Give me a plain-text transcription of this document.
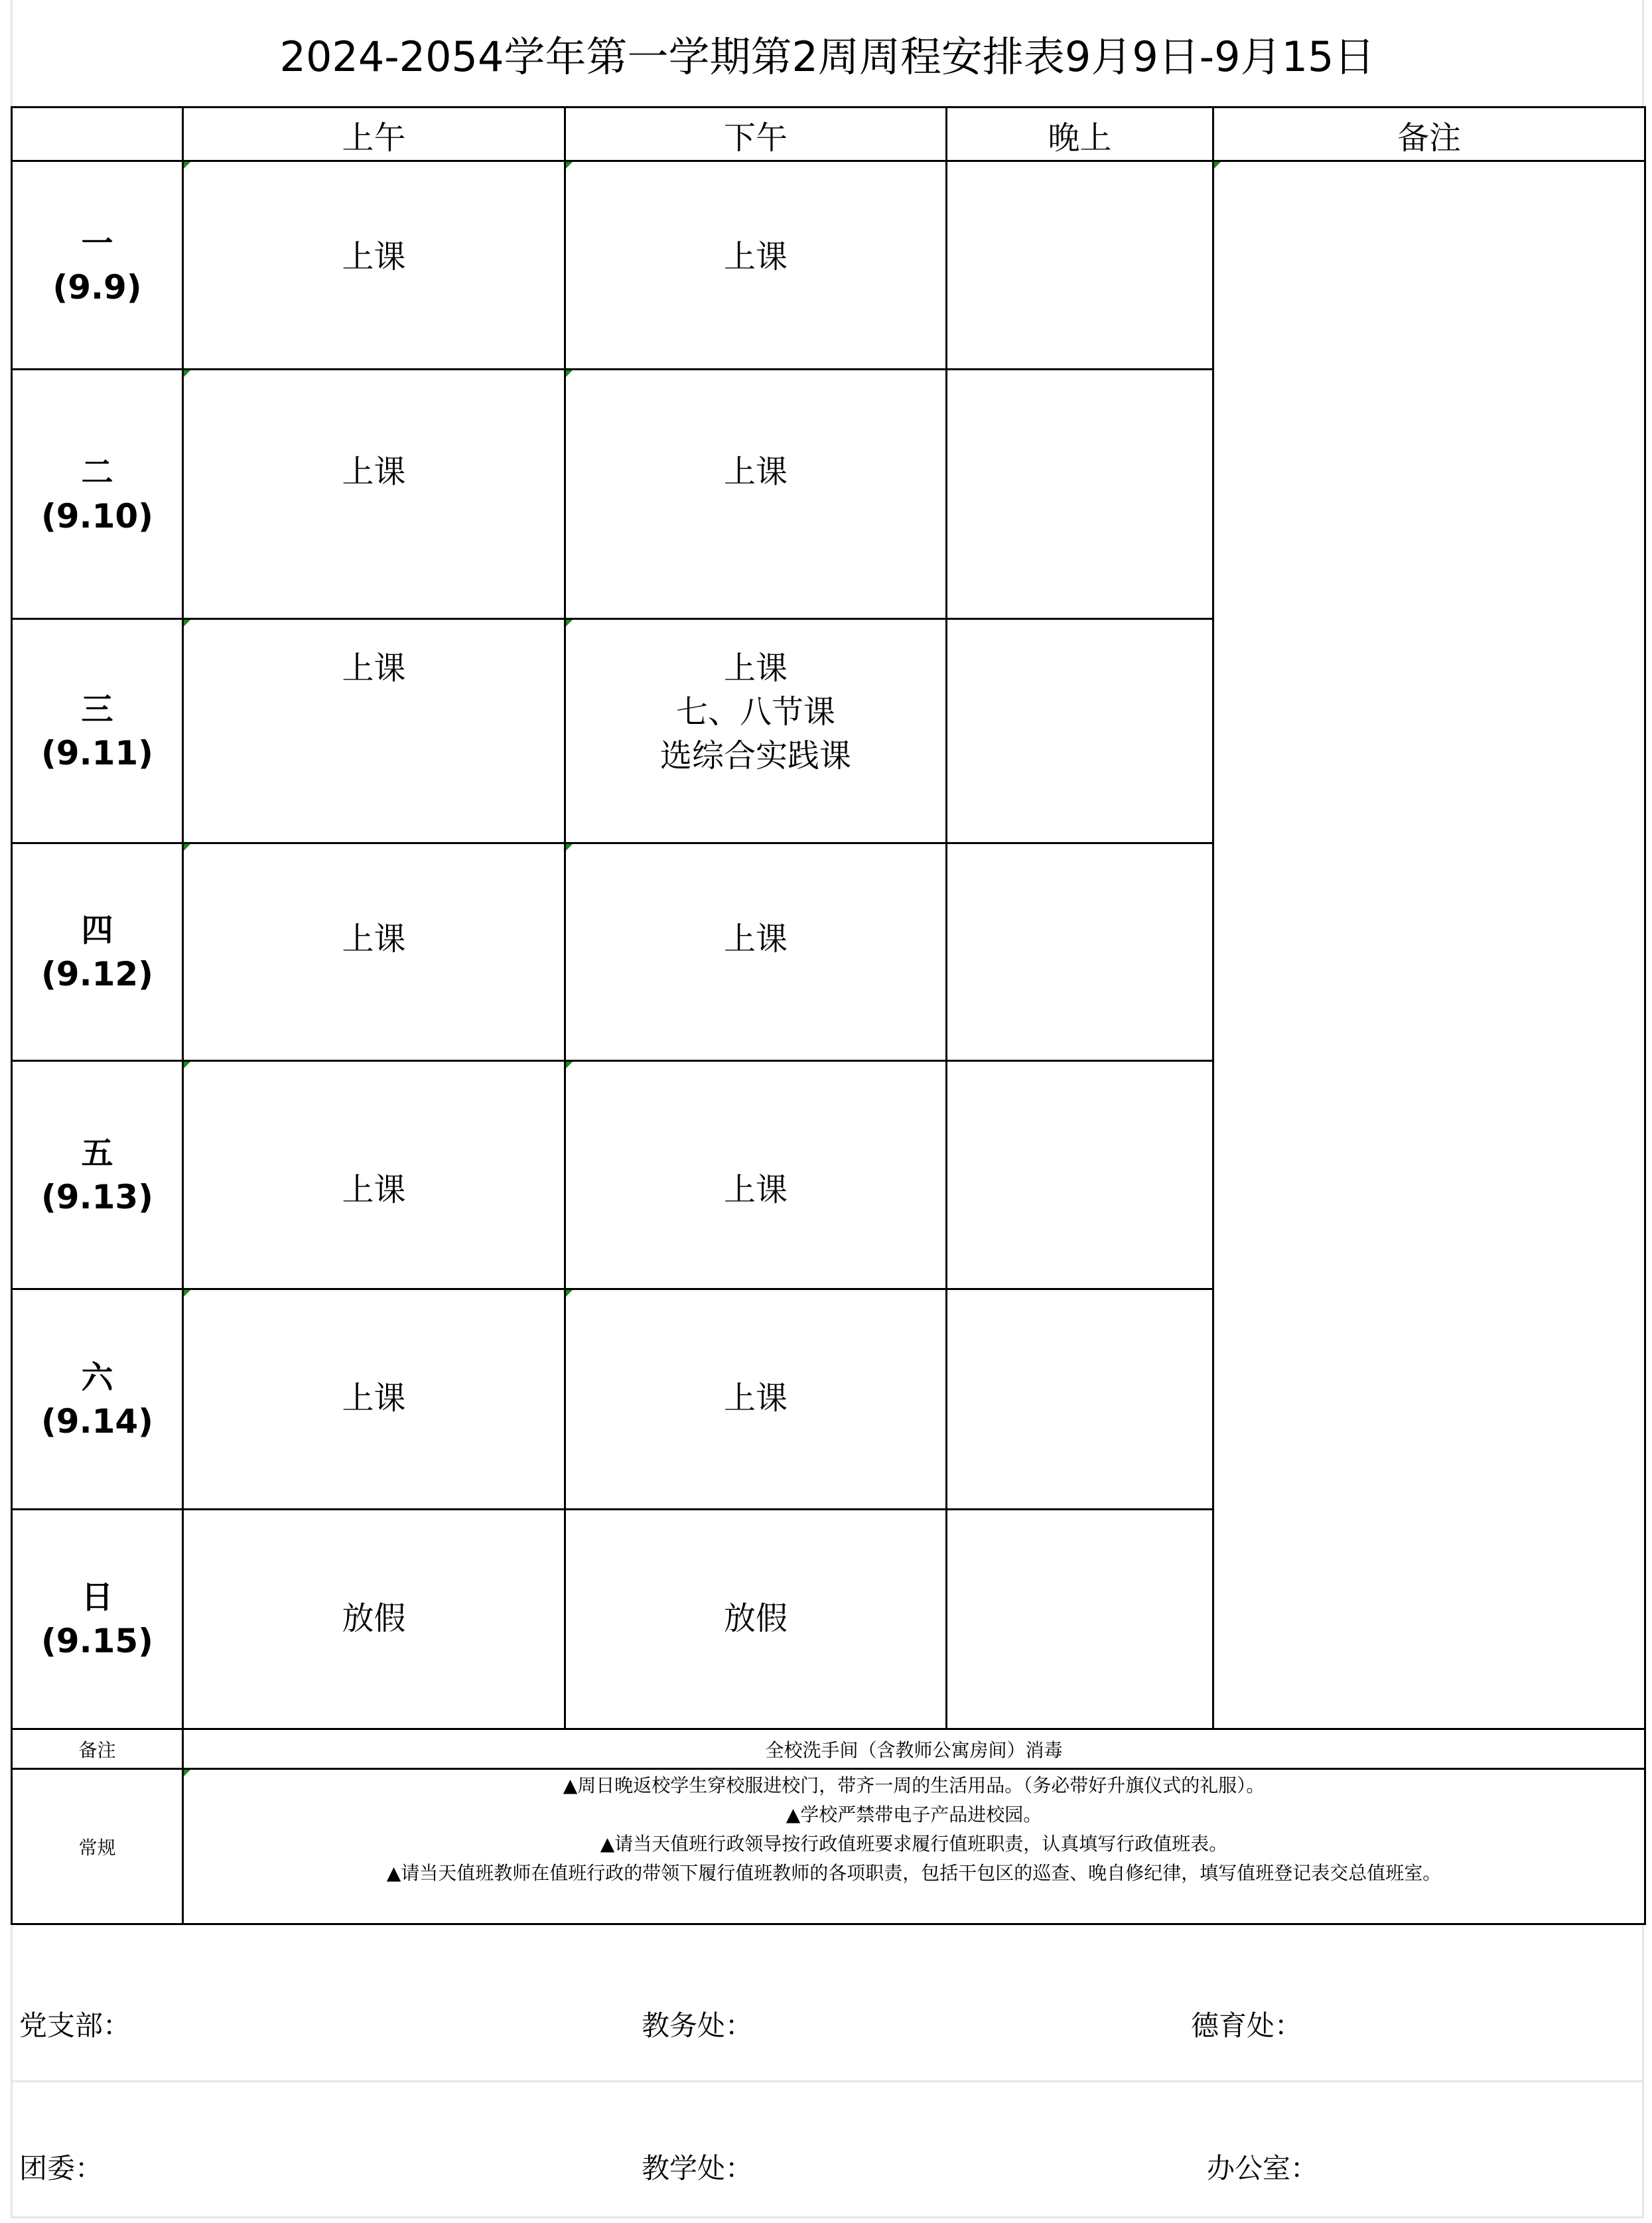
2024-2054学年第一学期第2周周程安排表9月9日-9月15日
	上午	下午	晚上	备注

一
(9.9)	上课	上课		

二
(9.10)	上课	上课		

三
(9.11)	上课	上课
七、八节课
选综合实践课		

四
(9.12)	上课	上课		

五
(9.13)	上课	上课		

六
(9.14)	上课	上课		

日
(9.15)	放假	放假		

备注	全校洗手间（含教师公寓房间）消毒			
常规	▲周日晚返校学生穿校服进校门，带齐一周的生活用品。（务必带好升旗仪式的礼服）。
▲学校严禁带电子产品进校园。
▲请当天值班行政领导按行政值班要求履行值班职责，认真填写行政值班表。
▲请当天值班教师在值班行政的带领下履行值班教师的各项职责，包括干包区的巡查、晚自修纪律，填写值班登记表交总值班室。			
党支部：	教务处：	德育处：
团委：	教学处：	办公室：
